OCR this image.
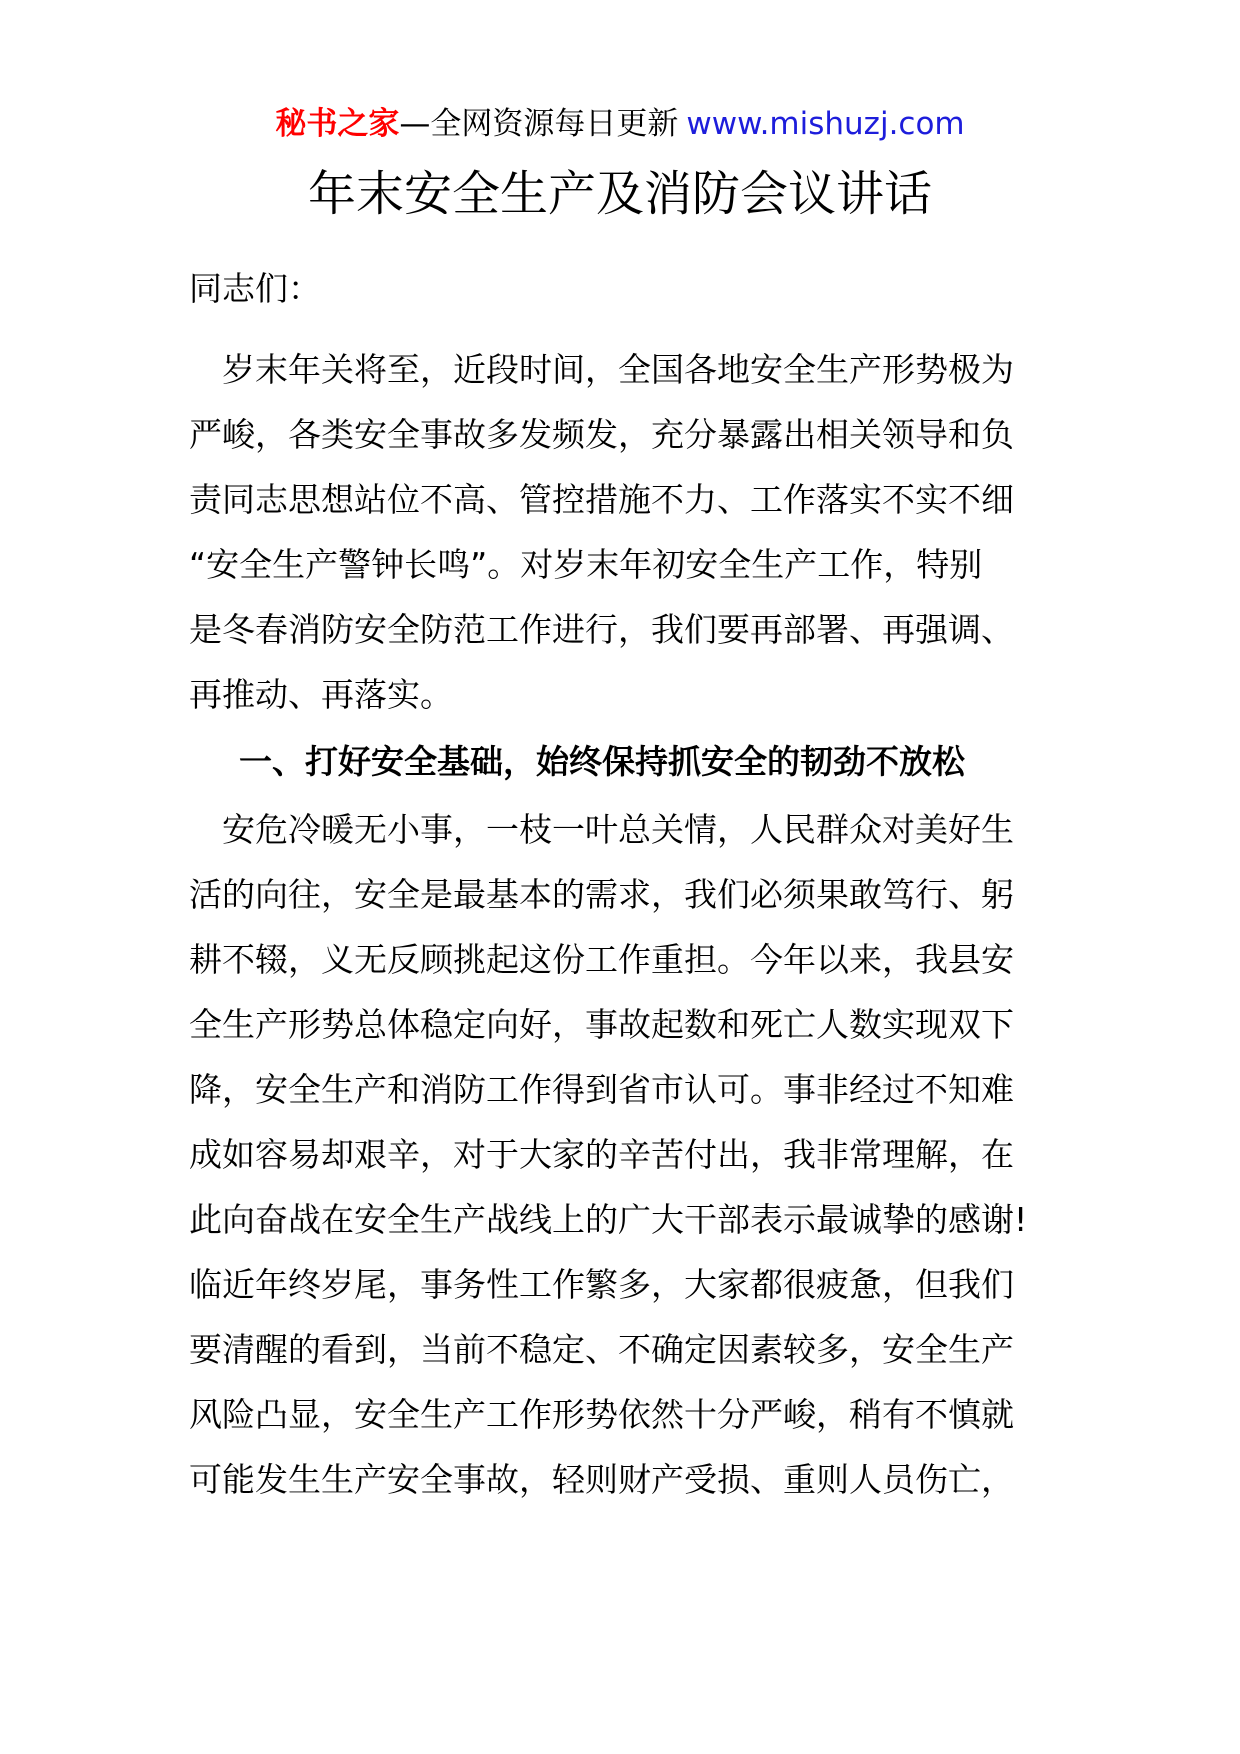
秘书之家—全网资源每日更新 www.mishuzj.com
年末安全生产及消防会议讲话
同志们：
　岁末年关将至，近段时间，全国各地安全生产形势极为
严峻，各类安全事故多发频发，充分暴露出相关领导和负
责同志思想站位不高、管控措施不力、工作落实不实不细
“安全生产警钟长鸣”。对岁末年初安全生产工作，特别
是冬春消防安全防范工作进行，我们要再部署、再强调、
再推动、再落实。
一、打好安全基础，始终保持抓安全的韧劲不放松
　安危冷暖无小事，一枝一叶总关情，人民群众对美好生
活的向往，安全是最基本的需求，我们必须果敢笃行、躬
耕不辍，义无反顾挑起这份工作重担。今年以来，我县安
全生产形势总体稳定向好，事故起数和死亡人数实现双下
降，安全生产和消防工作得到省市认可。事非经过不知难
成如容易却艰辛，对于大家的辛苦付出，我非常理解，在
此向奋战在安全生产战线上的广大干部表示最诚挚的感谢!
临近年终岁尾，事务性工作繁多，大家都很疲惫，但我们
要清醒的看到，当前不稳定、不确定因素较多，安全生产
风险凸显，安全生产工作形势依然十分严峻，稍有不慎就
可能发生生产安全事故，轻则财产受损、重则人员伤亡，
